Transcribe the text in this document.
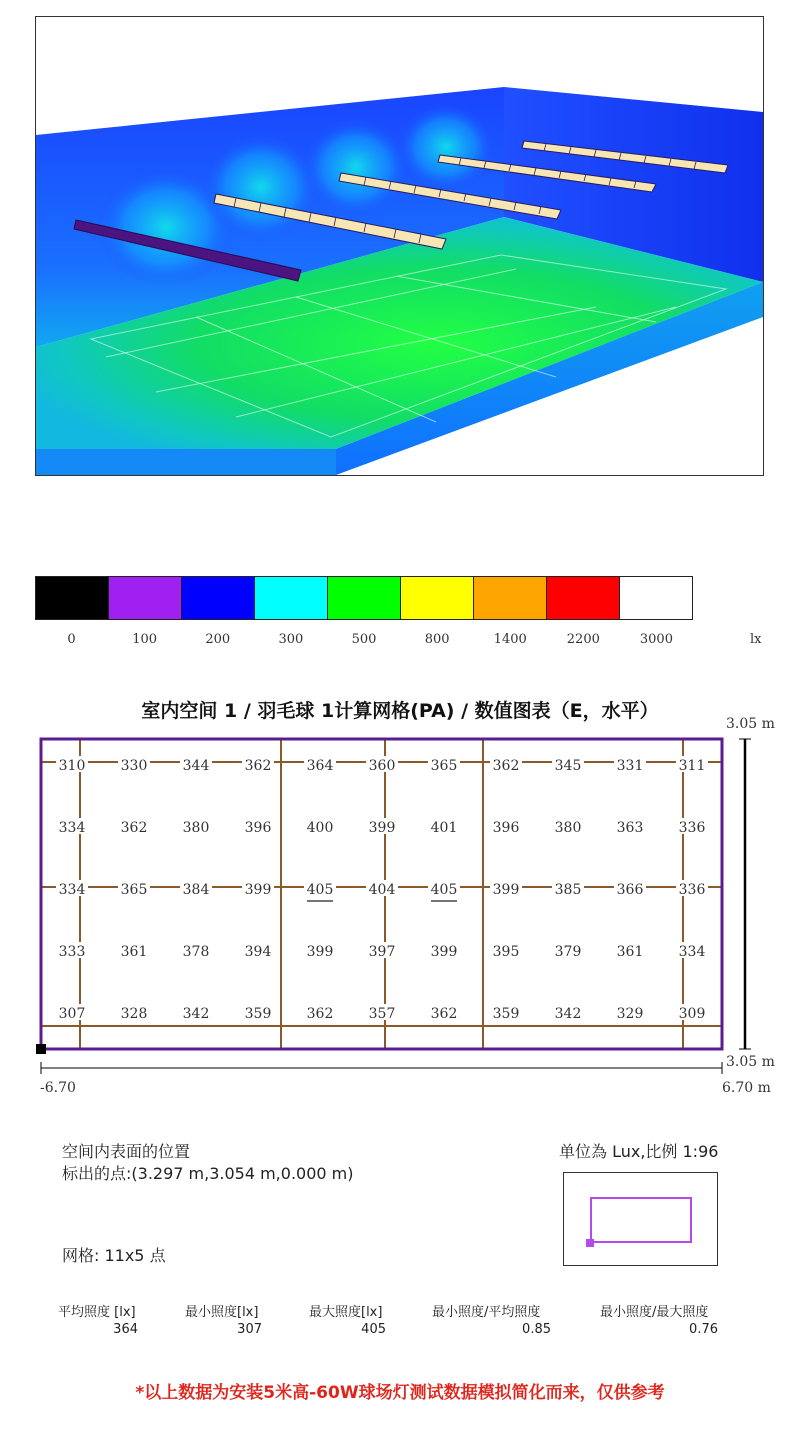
0	100	200	300	500	800	1400	2200	3000	lx
室内空间 1 / 羽毛球 1计算网格(PA) / 数值图表（E，水平）
310	330	344	362	364	360	365	362	345	331	311
334	362	380	396	400	399	401	396	380	363	336
334	365	384	399	405	404	405	399	385	366	336
333	361	378	394	399	397	399	395	379	361	334
307	328	342	359	362	357	362	359	342	329	309
3.05 m
3.05 m
-6.70	6.70 m
空间内表面的位置
标出的点:(3.297 m,3.054 m,0.000 m)
网格: 11x5 点
单位為 Lux,比例 1:96
平均照度 [lx]	最小照度[lx]	最大照度[lx]	最小照度/平均照度	最小照度/最大照度
364	307	405	0.85	0.76
*以上数据为安装5米高-60W球场灯测试数据模拟简化而来，仅供参考
